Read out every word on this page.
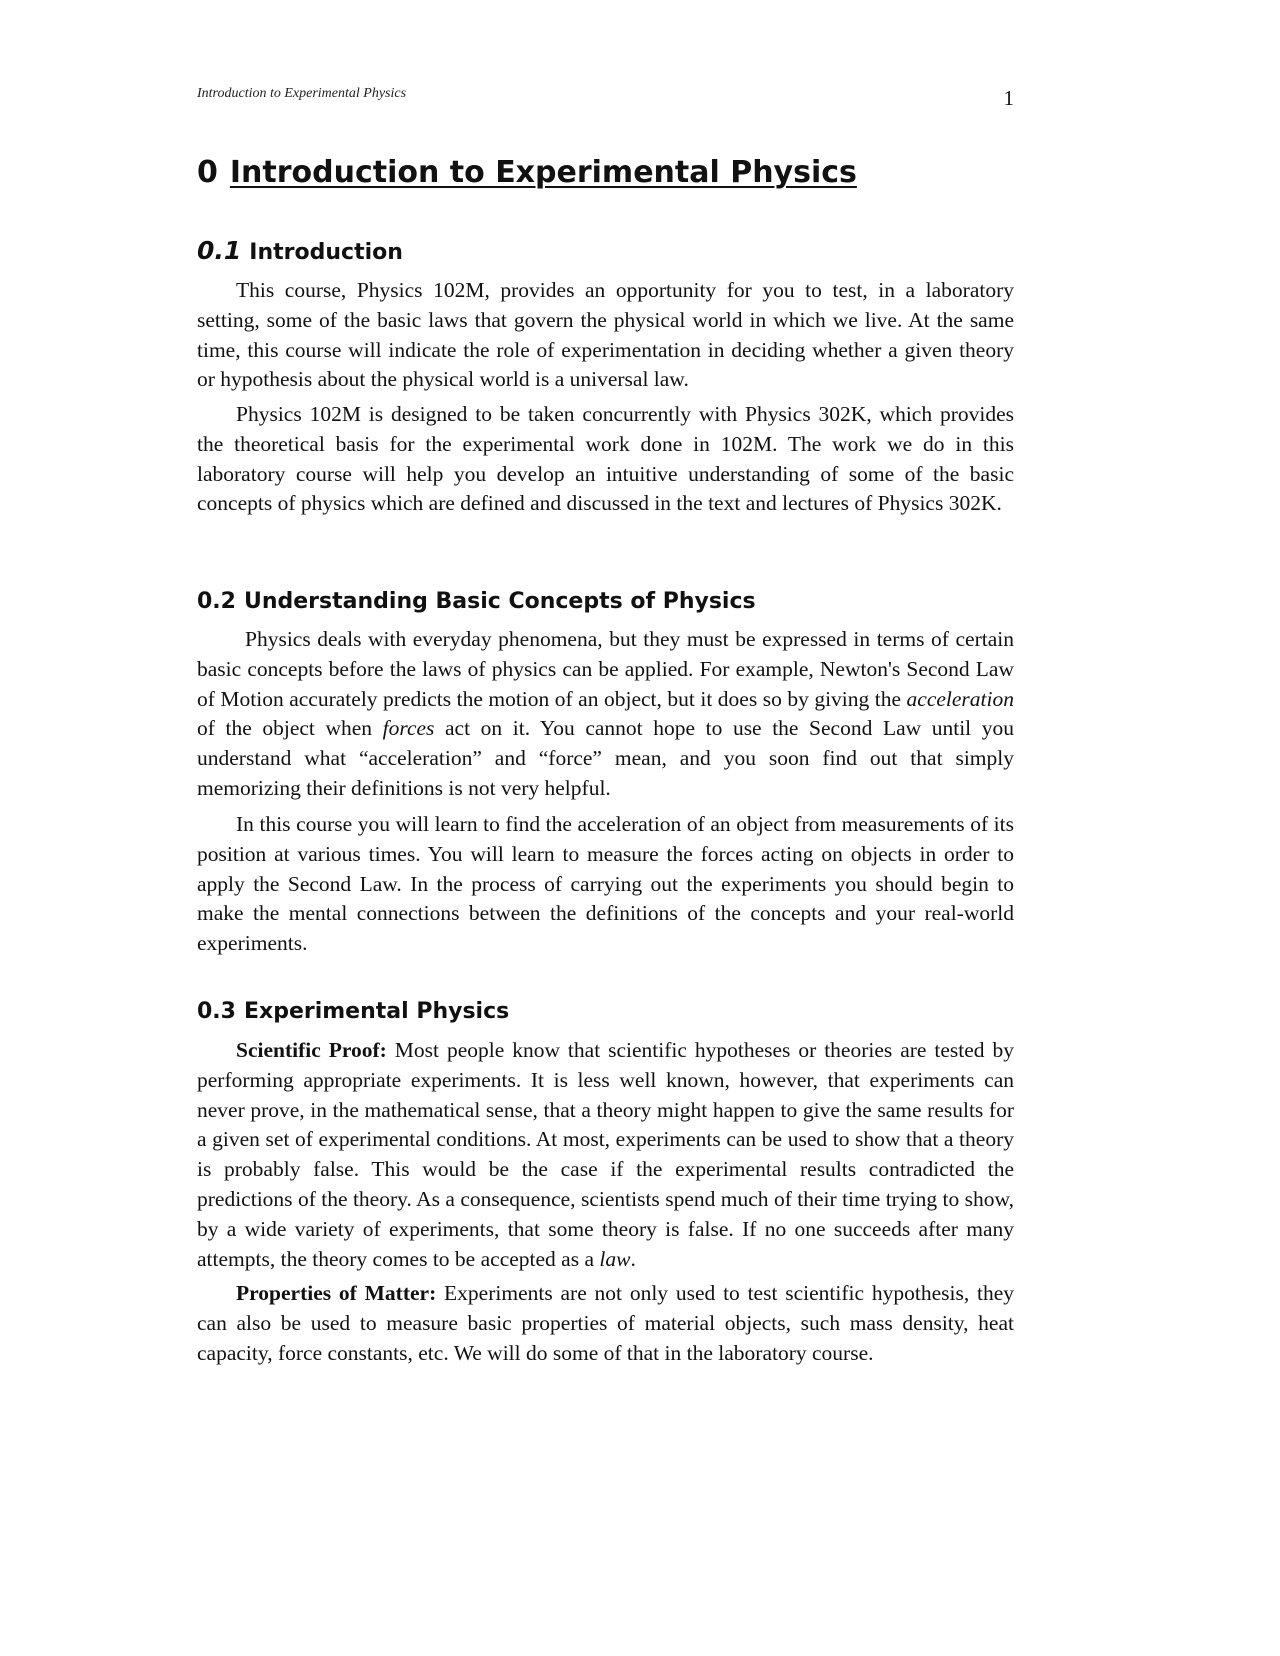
Introduction to Experimental Physics	1
0 Introduction to Experimental Physics
0.1 Introduction

This course, Physics 102M, provides an opportunity for you to test, in a laboratory setting, some of the basic laws that govern the physical world in which we live. At the same time, this course will indicate the role of experimentation in deciding whether a given theory or hypothesis about the physical world is a universal law.

Physics 102M is designed to be taken concurrently with Physics 302K, which provides the theoretical basis for the experimental work done in 102M. The work we do in this laboratory course will help you develop an intuitive understanding of some of the basic concepts of physics which are defined and discussed in the text and lectures of Physics 302K.

0.2 Understanding Basic Concepts of Physics

Physics deals with everyday phenomena, but they must be expressed in terms of certain basic concepts before the laws of physics can be applied. For example, Newton's Second Law of Motion accurately predicts the motion of an object, but it does so by giving the acceleration of the object when forces act on it. You cannot hope to use the Second Law until you understand what “acceleration” and “force” mean, and you soon find out that simply memorizing their definitions is not very helpful.

In this course you will learn to find the acceleration of an object from measurements of its position at various times. You will learn to measure the forces acting on objects in order to apply the Second Law. In the process of carrying out the experiments you should begin to make the mental connections between the definitions of the concepts and your real-world experiments.

0.3 Experimental Physics

Scientific Proof: Most people know that scientific hypotheses or theories are tested by performing appropriate experiments. It is less well known, however, that experiments can never prove, in the mathematical sense, that a theory might happen to give the same results for a given set of experimental conditions. At most, experiments can be used to show that a theory is probably false. This would be the case if the experimental results contradicted the predictions of the theory. As a consequence, scientists spend much of their time trying to show, by a wide variety of experiments, that some theory is false. If no one succeeds after many attempts, the theory comes to be accepted as a law.

Properties of Matter: Experiments are not only used to test scientific hypothesis, they can also be used to measure basic properties of material objects, such mass density, heat capacity, force constants, etc. We will do some of that in the laboratory course.
